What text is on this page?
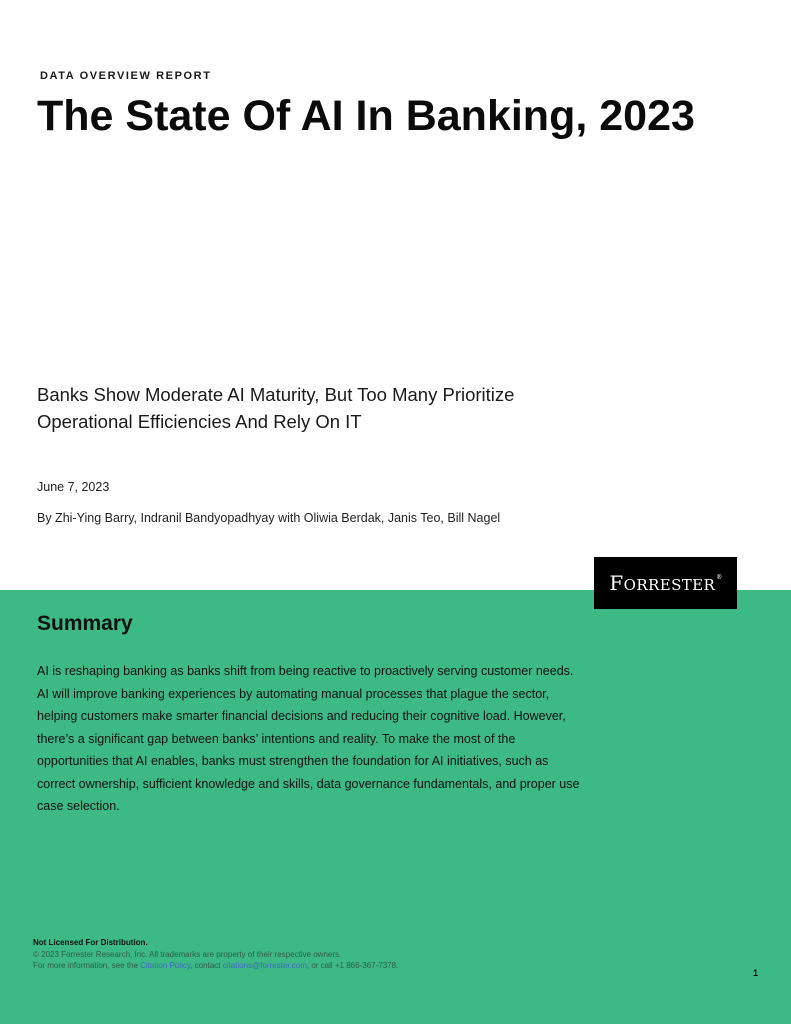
DATA OVERVIEW REPORT
The State Of AI In Banking, 2023
Banks Show Moderate AI Maturity, But Too Many Prioritize Operational Efficiencies And Rely On IT
June 7, 2023
By Zhi-Ying Barry, Indranil Bandyopadhyay with Oliwia Berdak, Janis Teo, Bill Nagel
FORRESTER®
Summary

AI is reshaping banking as banks shift from being reactive to proactively serving customer needs. AI will improve banking experiences by automating manual processes that plague the sector, helping customers make smarter financial decisions and reducing their cognitive load. However, there’s a significant gap between banks’ intentions and reality. To make the most of the opportunities that AI enables, banks must strengthen the foundation for AI initiatives, such as correct ownership, sufficient knowledge and skills, data governance fundamentals, and proper use case selection.

Not Licensed For Distribution.
© 2023 Forrester Research, Inc. All trademarks are property of their respective owners.
For more information, see the Citation Policy, contact citations@forrester.com, or call +1 866-367-7378.
1
